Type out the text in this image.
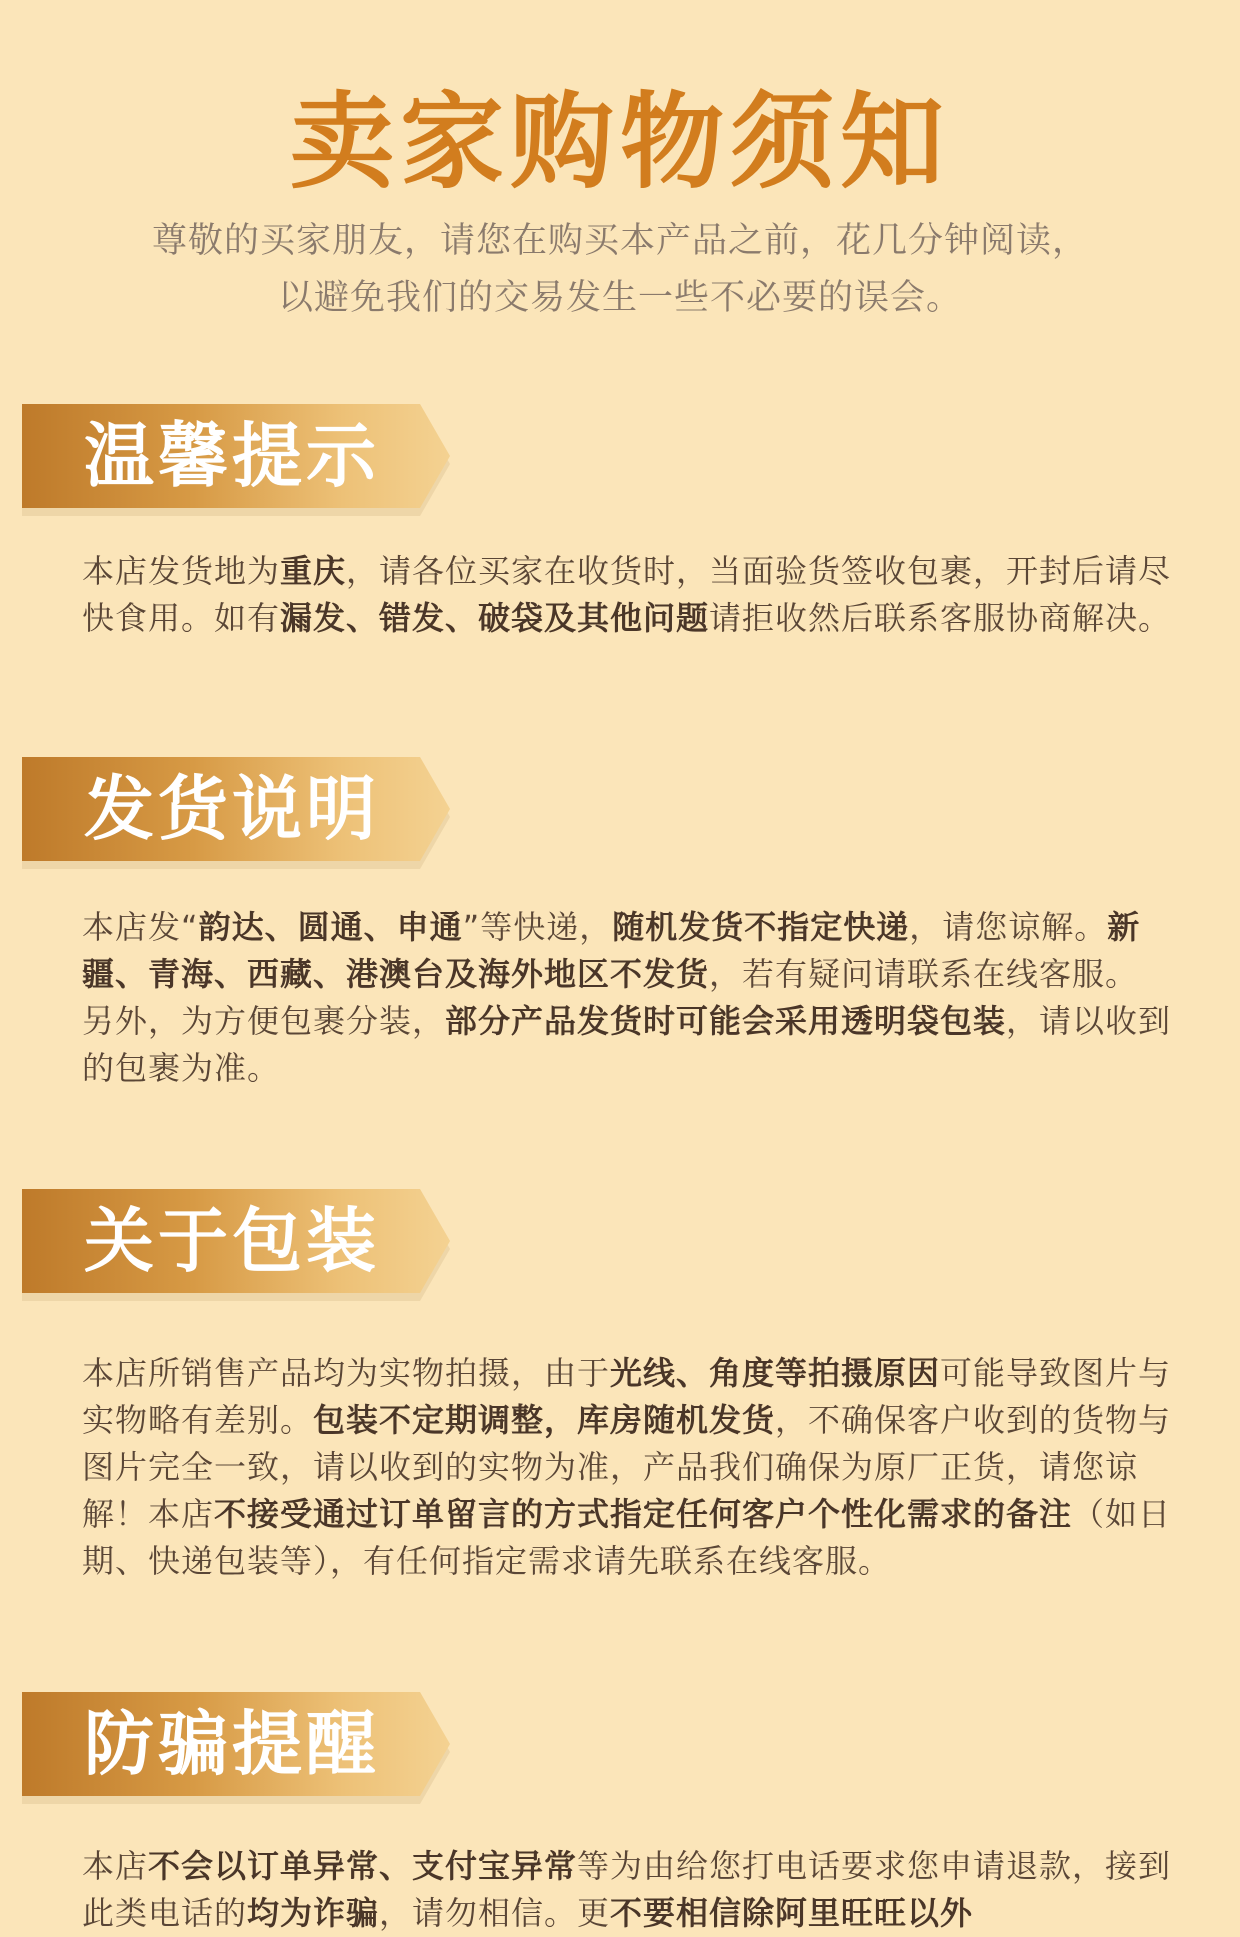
卖家购物须知
尊敬的买家朋友，请您在购买本产品之前，花几分钟阅读，
以避免我们的交易发生一些不必要的误会。
温馨提示

本店发货地为重庆，请各位买家在收货时，当面验货签收包裹，开封后请尽快食用。如有漏发、错发、破袋及其他问题请拒收然后联系客服协商解决。

发货说明

本店发“韵达、圆通、申通”等快递，随机发货不指定快递，请您谅解。新疆、青海、西藏、港澳台及海外地区不发货，若有疑问请联系在线客服。

另外，为方便包裹分装，部分产品发货时可能会采用透明袋包装，请以收到的包裹为准。

关于包装

本店所销售产品均为实物拍摄，由于光线、角度等拍摄原因可能导致图片与实物略有差别。包装不定期调整，库房随机发货，不确保客户收到的货物与图片完全一致，请以收到的实物为准，产品我们确保为原厂正货，请您谅解！本店不接受通过订单留言的方式指定任何客户个性化需求的备注（如日期、快递包装等），有任何指定需求请先联系在线客服。

防骗提醒

本店不会以订单异常、支付宝异常等为由给您打电话要求您申请退款，接到此类电话的均为诈骗，请勿相信。更不要相信除阿里旺旺以外
